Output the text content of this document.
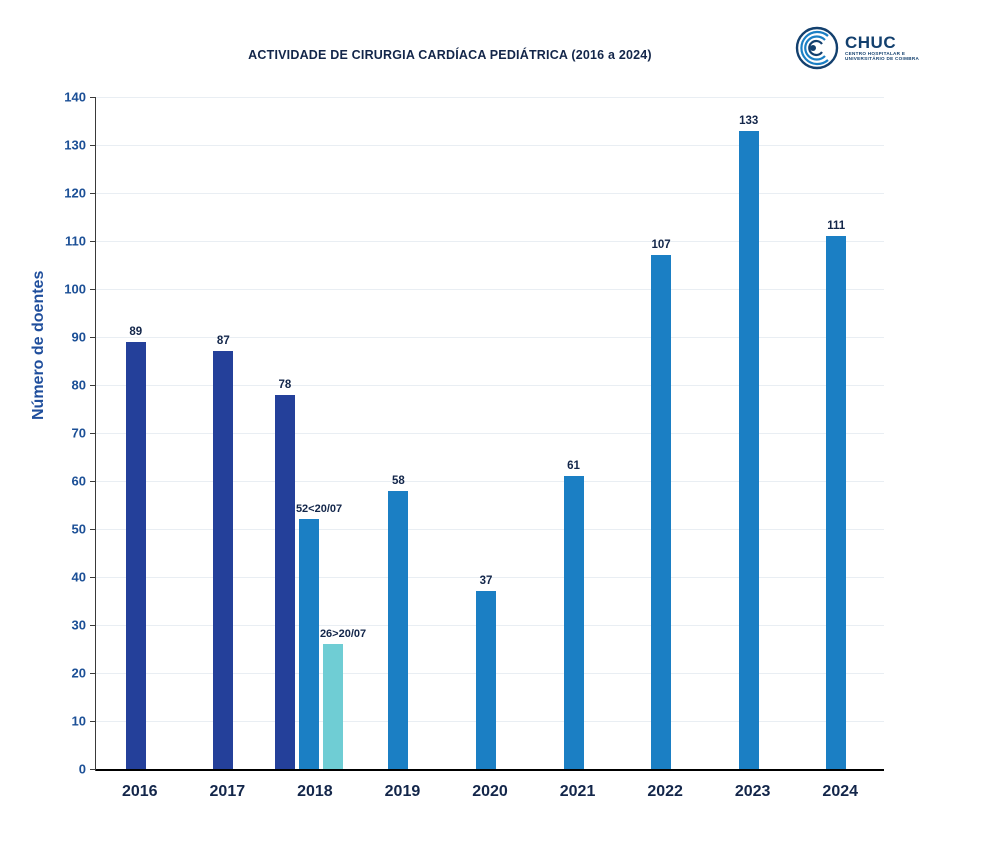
CHUC
CENTRO HOSPITALAR E UNIVERSITÁRIO DE COIMBRA
ACTIVIDADE DE CIRURGIA CARDÍACA PEDIÁTRICA (2016 a 2024)
Número de doentes
0
10
20
30
40
50
60
70
80
90
100
110
120
130
140
89
87
78
52<20/07
26>20/07
58
37
61
107
133
111
2016	2017	2018	2019	2020	2021	2022	2023	2024
